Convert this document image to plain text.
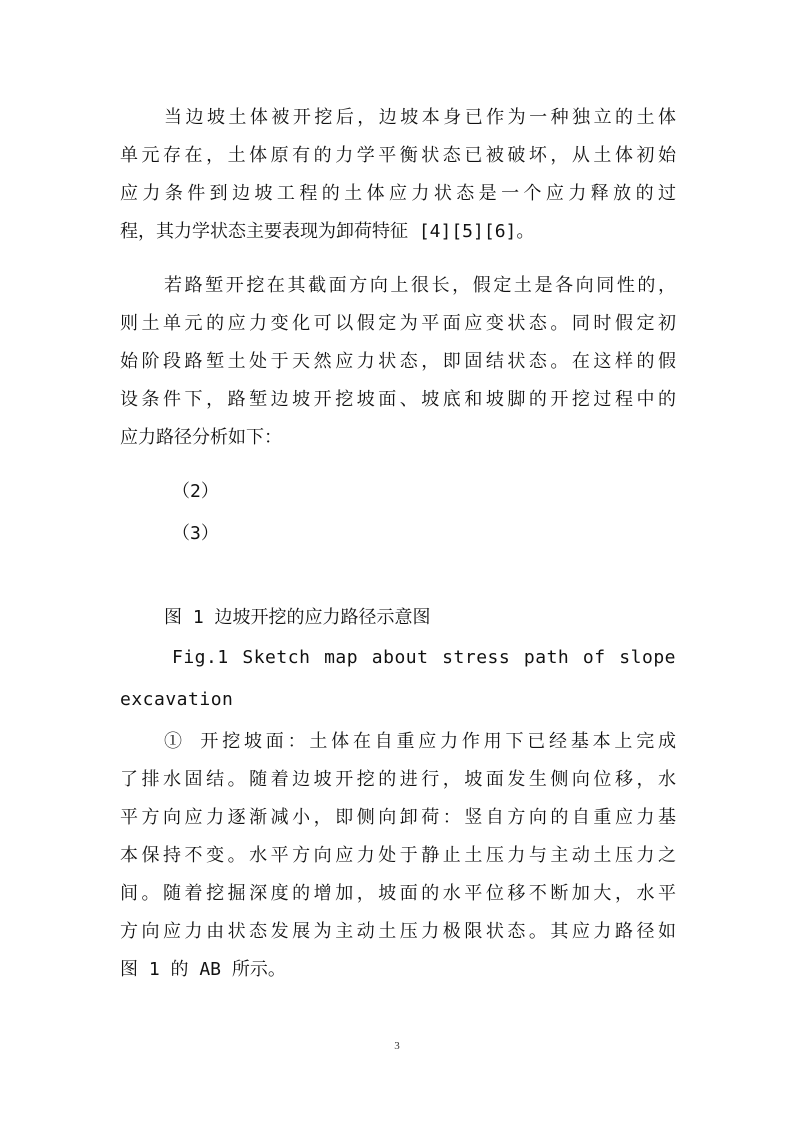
当边坡土体被开挖后，边坡本身已作为一种独立的土体
单元存在，土体原有的力学平衡状态已被破坏，从土体初始
应力条件到边坡工程的土体应力状态是一个应力释放的过
程，其力学状态主要表现为卸荷特征 [4][5][6]。
若路堑开挖在其截面方向上很长，假定土是各向同性的，
则土单元的应力变化可以假定为平面应变状态。同时假定初
始阶段路堑土处于天然应力状态，即固结状态。在这样的假
设条件下，路堑边坡开挖坡面、坡底和坡脚的开挖过程中的
应力路径分析如下：
（2）
（3）
图 1 边坡开挖的应力路径示意图
Fig.1 Sketch map about stress path of slope
excavation
① 开挖坡面：土体在自重应力作用下已经基本上完成
了排水固结。随着边坡开挖的进行，坡面发生侧向位移，水
平方向应力逐渐减小，即侧向卸荷：竖自方向的自重应力基
本保持不变。水平方向应力处于静止土压力与主动土压力之
间。随着挖掘深度的增加，坡面的水平位移不断加大，水平
方向应力由状态发展为主动土压力极限状态。其应力路径如
图 1 的 AB 所示。
3
